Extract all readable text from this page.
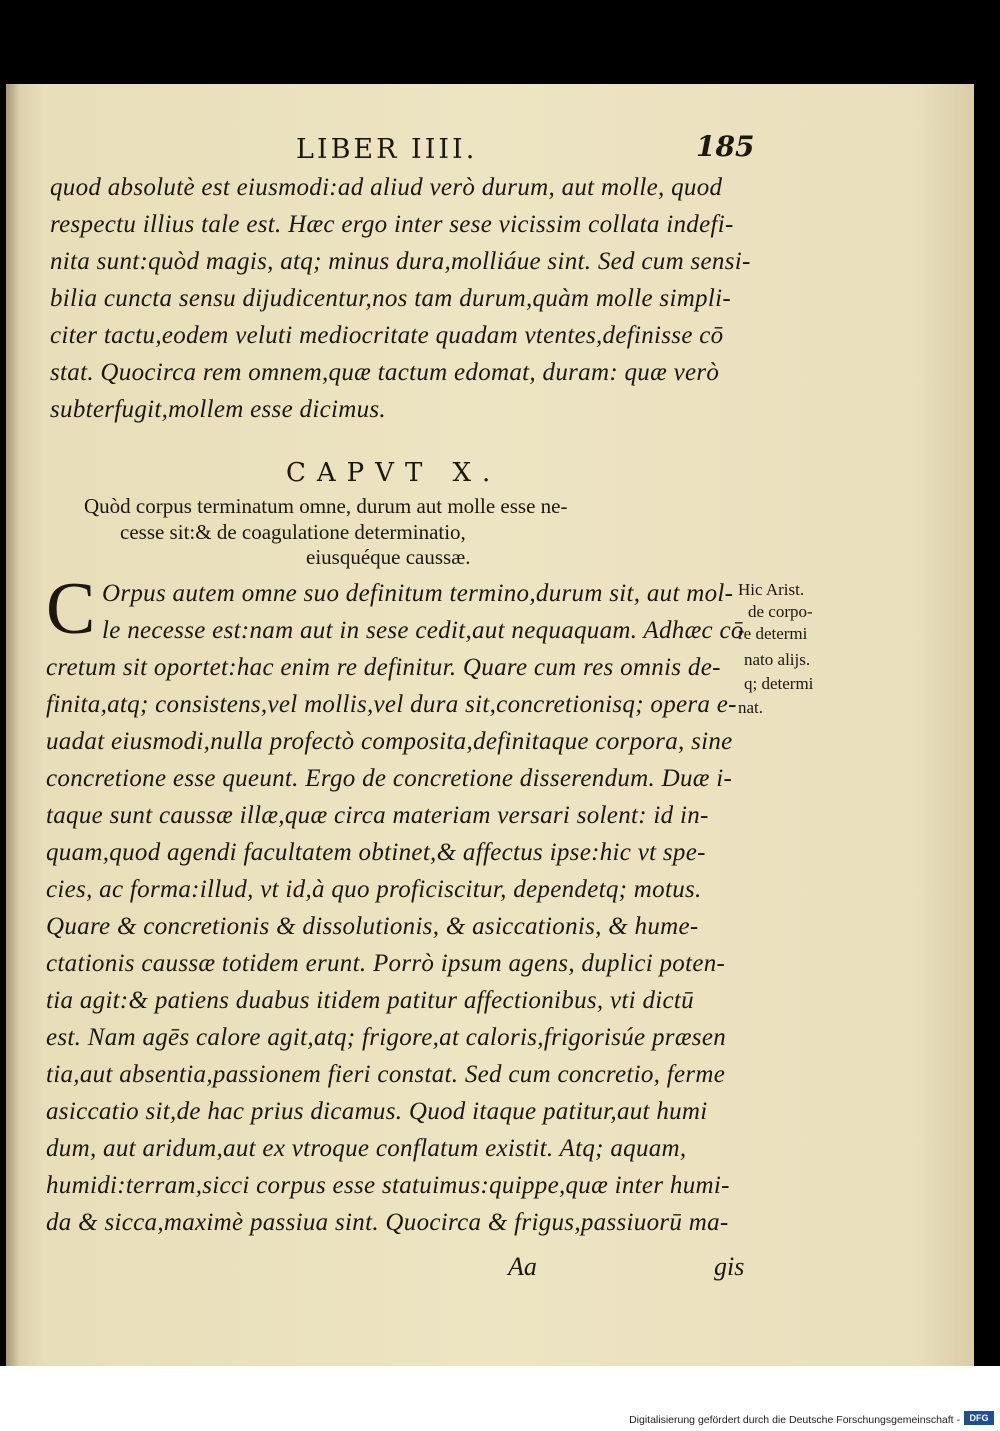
LIBER IIII.	185
quod absolutè est eiusmodi:ad aliud verò durum, aut molle, quod
respectu illius tale est. Hæc ergo inter sese vicissim collata indefi-
nita sunt:quòd magis, atq; minus dura,molliáue sint. Sed cum sensi-
bilia cuncta sensu dijudicentur,nos tam durum,quàm molle simpli-
citer tactu,eodem veluti mediocritate quadam vtentes,definisse cō
stat. Quocirca rem omnem,quæ tactum edomat, duram: quæ verò
subterfugit,mollem esse dicimus.
CAPVT X.
Quòd corpus terminatum omne, durum aut molle esse ne-
cesse sit:& de coagulatione determinatio,
eiusquéque caussæ.
C Orpus autem omne suo definitum termino,durum sit, aut mol-
le necesse est:nam aut in sese cedit,aut nequaquam. Adhæc cō
cretum sit oportet:hac enim re definitur. Quare cum res omnis de-
finita,atq; consistens,vel mollis,vel dura sit,concretionisq; opera e-
uadat eiusmodi,nulla profectò composita,definitaque corpora, sine
concretione esse queunt. Ergo de concretione disserendum. Duæ i-
taque sunt caussæ illæ,quæ circa materiam versari solent: id in-
quam,quod agendi facultatem obtinet,& affectus ipse:hic vt spe-
cies, ac forma:illud, vt id,à quo proficiscitur, dependetq; motus.
Quare & concretionis & dissolutionis, & asiccationis, & hume-
ctationis caussæ totidem erunt. Porrò ipsum agens, duplici poten-
tia agit:& patiens duabus itidem patitur affectionibus, vti dictū
est. Nam agēs calore agit,atq; frigore,at caloris,frigorisúe præsen
tia,aut absentia,passionem fieri constat. Sed cum concretio, ferme
asiccatio sit,de hac prius dicamus. Quod itaque patitur,aut humi
dum, aut aridum,aut ex vtroque conflatum existit. Atq; aquam,
humidi:terram,sicci corpus esse statuimus:quippe,quæ inter humi-
da & sicca,maximè passiua sint. Quocirca & frigus,passiuorū ma-
Hic Arist.
de corpo-
re determi
nato aliјs.
q; determi
nat.
Aa	gis
Digitalisierung gefördert durch die Deutsche Forschungsgemeinschaft -	DFG
